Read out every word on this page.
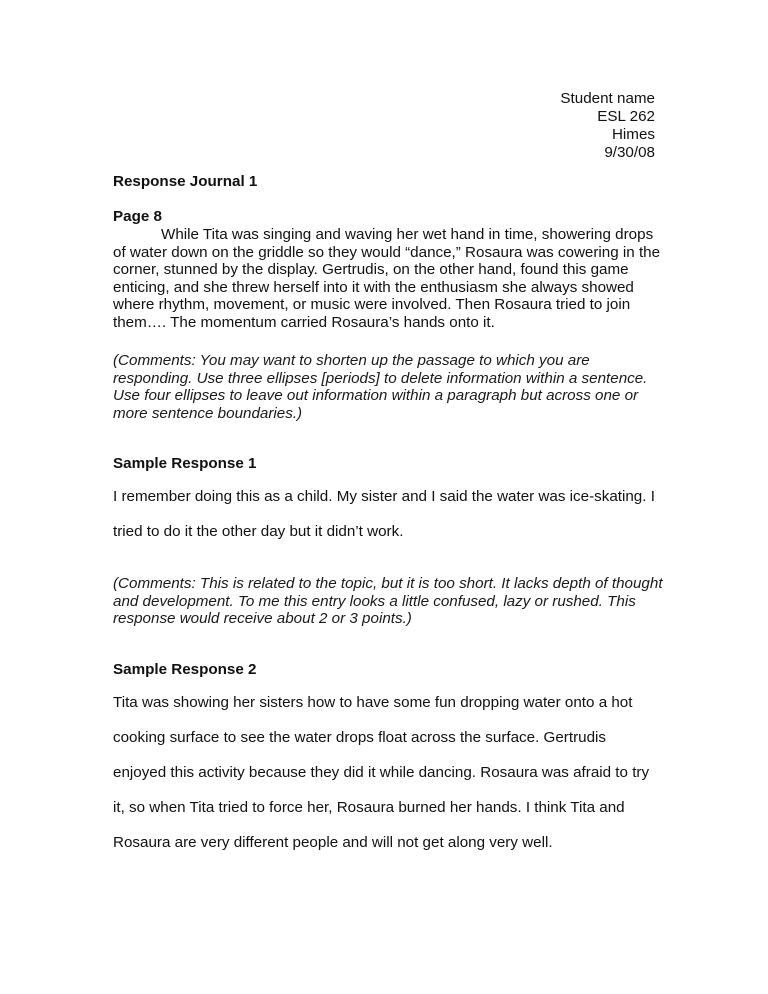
Student name
ESL 262
Himes
9/30/08
Response Journal 1
Page 8

While Tita was singing and waving her wet hand in time, showering drops of water down on the griddle so they would “dance,” Rosaura was cowering in the corner, stunned by the display. Gertrudis, on the other hand, found this game enticing, and she threw herself into it with the enthusiasm she always showed where rhythm, movement, or music were involved. Then Rosaura tried to join them…. The momentum carried Rosaura’s hands onto it.

(Comments: You may want to shorten up the passage to which you are responding. Use three ellipses [periods] to delete information within a sentence. Use four ellipses to leave out information within a paragraph but across one or more sentence boundaries.)

Sample Response 1

I remember doing this as a child. My sister and I said the water was ice-skating. I tried to do it the other day but it didn’t work.

(Comments: This is related to the topic, but it is too short. It lacks depth of thought and development. To me this entry looks a little confused, lazy or rushed. This response would receive about 2 or 3 points.)

Sample Response 2

Tita was showing her sisters how to have some fun dropping water onto a hot cooking surface to see the water drops float across the surface. Gertrudis enjoyed this activity because they did it while dancing. Rosaura was afraid to try it, so when Tita tried to force her, Rosaura burned her hands. I think Tita and Rosaura are very different people and will not get along very well.
